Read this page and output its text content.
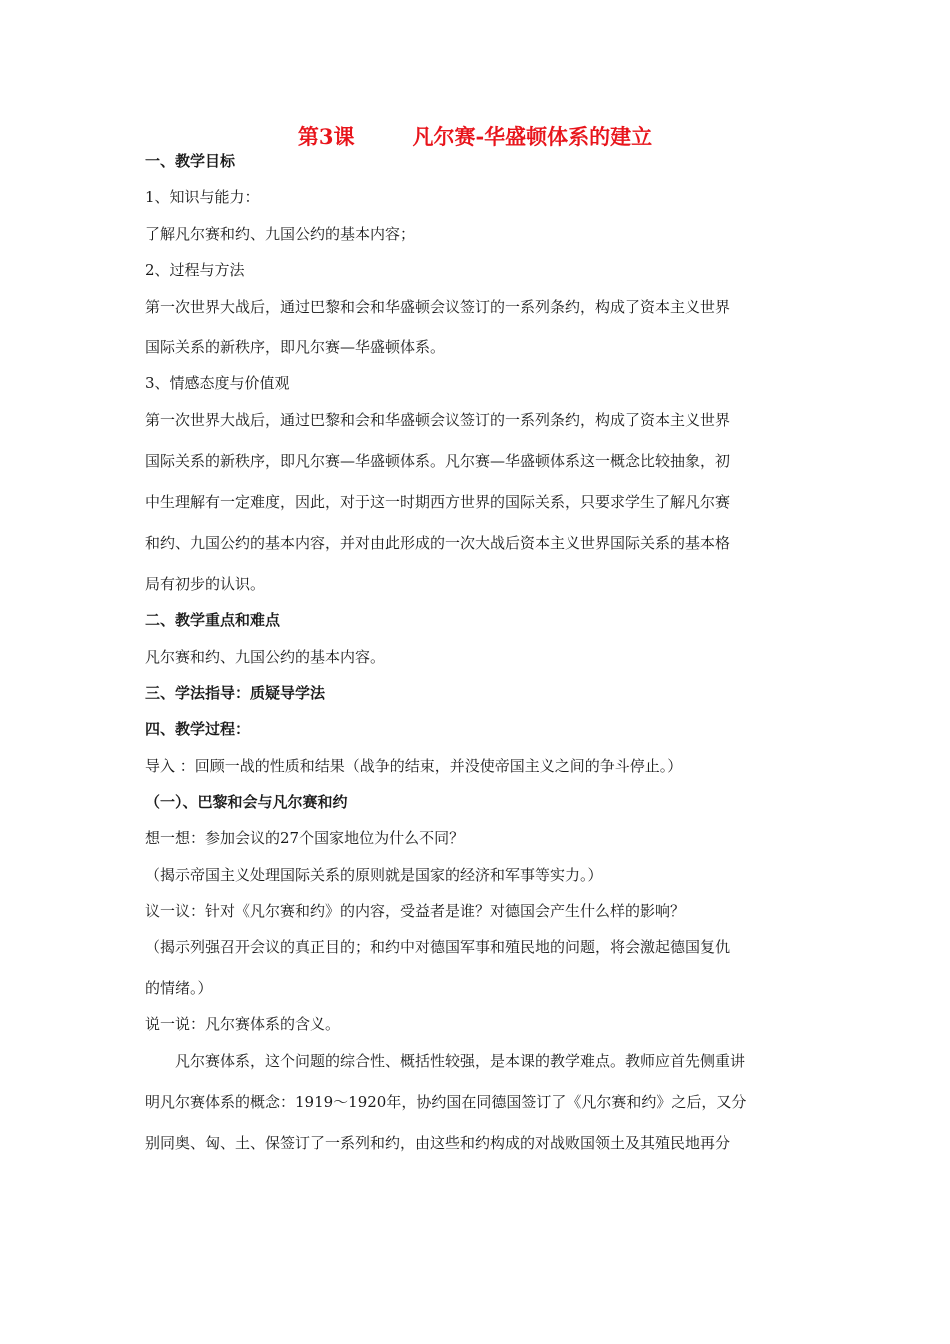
第3课	凡尔赛-华盛顿体系的建立
一、教学目标
1、知识与能力：
了解凡尔赛和约、九国公约的基本内容；
2、过程与方法
第一次世界大战后，通过巴黎和会和华盛顿会议签订的一系列条约，构成了资本主义世界
国际关系的新秩序，即凡尔赛—华盛顿体系。
3、情感态度与价值观
第一次世界大战后，通过巴黎和会和华盛顿会议签订的一系列条约，构成了资本主义世界
国际关系的新秩序，即凡尔赛—华盛顿体系。凡尔赛—华盛顿体系这一概念比较抽象，初
中生理解有一定难度，因此，对于这一时期西方世界的国际关系，只要求学生了解凡尔赛
和约、九国公约的基本内容，并对由此形成的一次大战后资本主义世界国际关系的基本格
局有初步的认识。
二、教学重点和难点
凡尔赛和约、九国公约的基本内容。
三、学法指导：质疑导学法
四、教学过程：
导入 ：回顾一战的性质和结果（战争的结束，并没使帝国主义之间的争斗停止。）
（一）、巴黎和会与凡尔赛和约
想一想：参加会议的27个国家地位为什么不同？
（揭示帝国主义处理国际关系的原则就是国家的经济和军事等实力。）
议一议：针对《凡尔赛和约》的内容，受益者是谁？对德国会产生什么样的影响？
（揭示列强召开会议的真正目的；和约中对德国军事和殖民地的问题，将会激起德国复仇
的情绪。）
说一说：凡尔赛体系的含义。
凡尔赛体系，这个问题的综合性、概括性较强，是本课的教学难点。教师应首先侧重讲
明凡尔赛体系的概念：1919～1920年，协约国在同德国签订了《凡尔赛和约》之后，又分
别同奥、匈、土、保签订了一系列和约，由这些和约构成的对战败国领土及其殖民地再分
